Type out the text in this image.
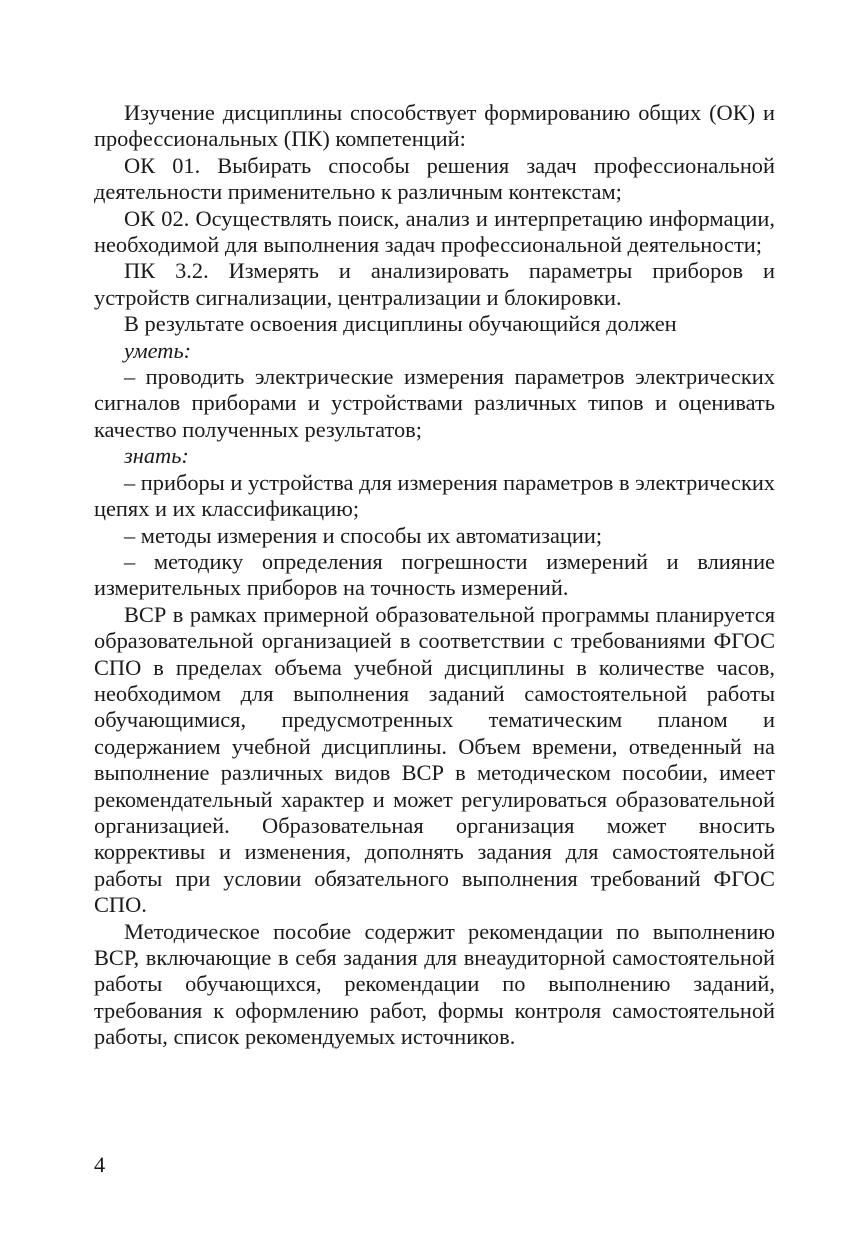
Изучение дисциплины способствует формированию общих (ОК) и профессиональных (ПК) компетенций:

ОК 01. Выбирать способы решения задач профессиональной деятельности применительно к различным контекстам;

ОК 02. Осуществлять поиск, анализ и интерпретацию информации, необходимой для выполнения задач профессиональной деятельности;

ПК 3.2. Измерять и анализировать параметры приборов и устройств сигнализации, централизации и блокировки.

В результате освоения дисциплины обучающийся должен

уметь:

– проводить электрические измерения параметров электрических сигналов приборами и устройствами различных типов и оценивать качество полученных результатов;

знать:

– приборы и устройства для измерения параметров в электрических цепях и их классификацию;

– методы измерения и способы их автоматизации;

– методику определения погрешности измерений и влияние измерительных приборов на точность измерений.

ВСР в рамках примерной образовательной программы планируется образовательной организацией в соответствии с требованиями ФГОС СПО в пределах объема учебной дисциплины в количестве часов, необходимом для выполнения заданий самостоятельной работы обучающимися, предусмотренных тематическим планом и содержанием учебной дисциплины. Объем времени, отведенный на выполнение различных видов ВСР в методическом пособии, имеет рекомендательный характер и может регулироваться образовательной организацией. Образовательная организация может вносить коррективы и изменения, дополнять задания для самостоятельной работы при условии обязательного выполнения требований ФГОС СПО.

Методическое пособие содержит рекомендации по выполнению ВСР, включающие в себя задания для внеаудиторной самостоятельной работы обучающихся, рекомендации по выполнению заданий, требования к оформлению работ, формы контроля самостоятельной работы, список рекомендуемых источников.

4
